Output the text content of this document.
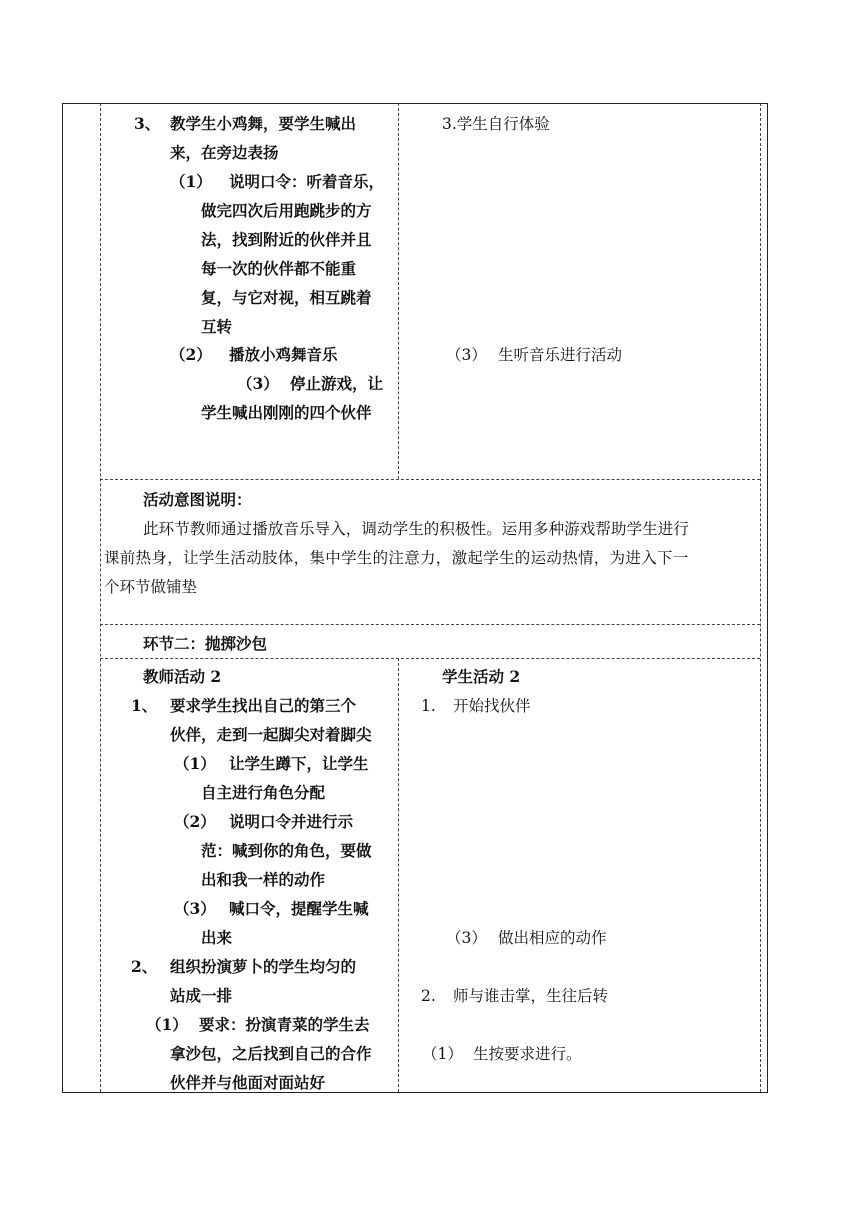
3、 教学生小鸡舞，要学生喊出
来，在旁边表扬
（1） 说明口令：听着音乐，
做完四次后用跑跳步的方
法，找到附近的伙伴并且
每一次的伙伴都不能重
复，与它对视，相互跳着
互转
（2） 播放小鸡舞音乐
（3） 停止游戏，让
学生喊出刚刚的四个伙伴
3.学生自行体验
（3） 生听音乐进行活动
活动意图说明：
此环节教师通过播放音乐导入，调动学生的积极性。运用多种游戏帮助学生进行
课前热身，让学生活动肢体，集中学生的注意力，激起学生的运动热情，为进入下一
个环节做铺垫
环节二：抛掷沙包
教师活动 2
1、 要求学生找出自己的第三个
伙伴，走到一起脚尖对着脚尖
（1） 让学生蹲下，让学生
自主进行角色分配
（2） 说明口令并进行示
范：喊到你的角色，要做
出和我一样的动作
（3） 喊口令，提醒学生喊
出来
2、 组织扮演萝卜的学生均匀的
站成一排
（1） 要求：扮演青菜的学生去
拿沙包，之后找到自己的合作
伙伴并与他面对面站好
学生活动 2
1. 开始找伙伴
（3） 做出相应的动作
2. 师与谁击掌，生往后转
（1） 生按要求进行。
